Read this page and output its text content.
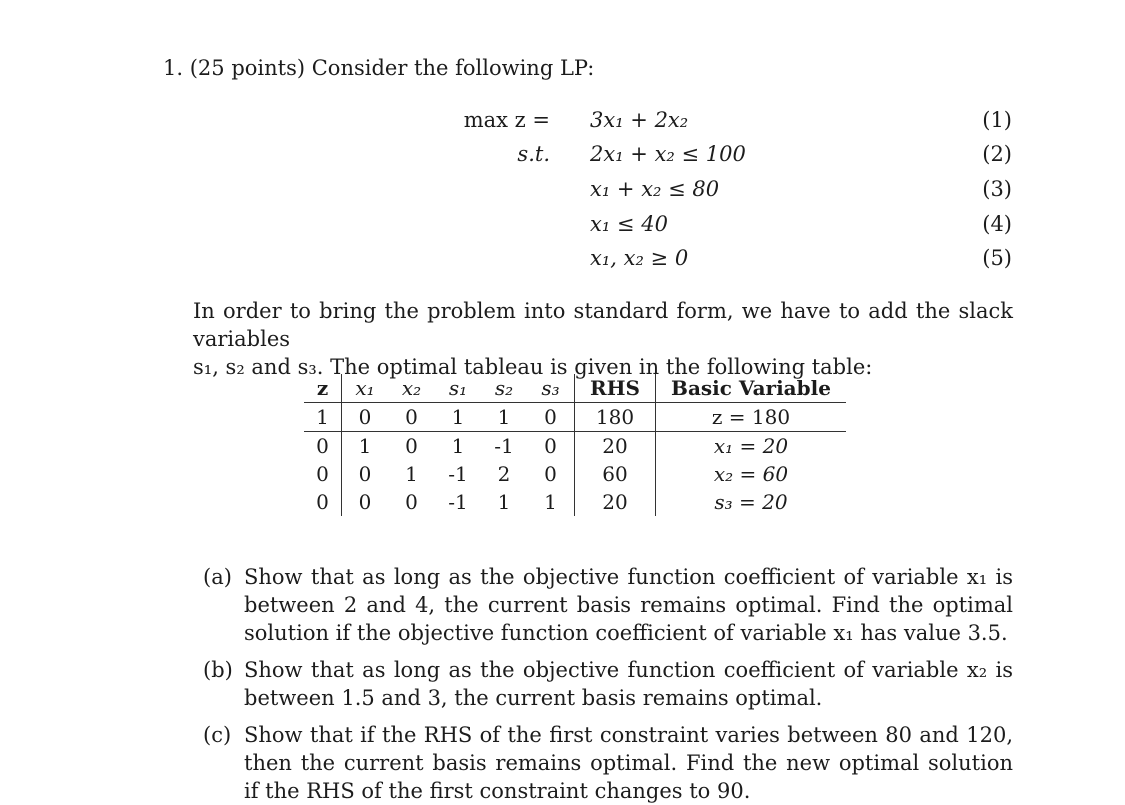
1. (25 points) Consider the following LP:
max z = 3x₁ + 2x₂	(1)
s.t. 2x₁ + x₂ ≤ 100	(2)
x₁ + x₂ ≤ 80	(3)
x₁ ≤ 40	(4)
x₁, x₂ ≥ 0	(5)
In order to bring the problem into standard form, we have to add the slack variables
s₁, s₂ and s₃. The optimal tableau is given in the following table:
z	x₁	x₂	s₁	s₂	s₃	RHS	Basic Variable
1	0	0	1	1	0	180	z = 180
0	1	0	1	-1	0	20	x₁ = 20
0	0	1	-1	2	0	60	x₂ = 60
0	0	0	-1	1	1	20	s₃ = 20
(a) Show that as long as the objective function coefficient of variable x₁ is between 2 and 4, the current basis remains optimal. Find the optimal solution if the objective function coefficient of variable x₁ has value 3.5.
(b) Show that as long as the objective function coefficient of variable x₂ is between 1.5 and 3, the current basis remains optimal.
(c) Show that if the RHS of the first constraint varies between 80 and 120, then the current basis remains optimal. Find the new optimal solution if the RHS of the first constraint changes to 90.
